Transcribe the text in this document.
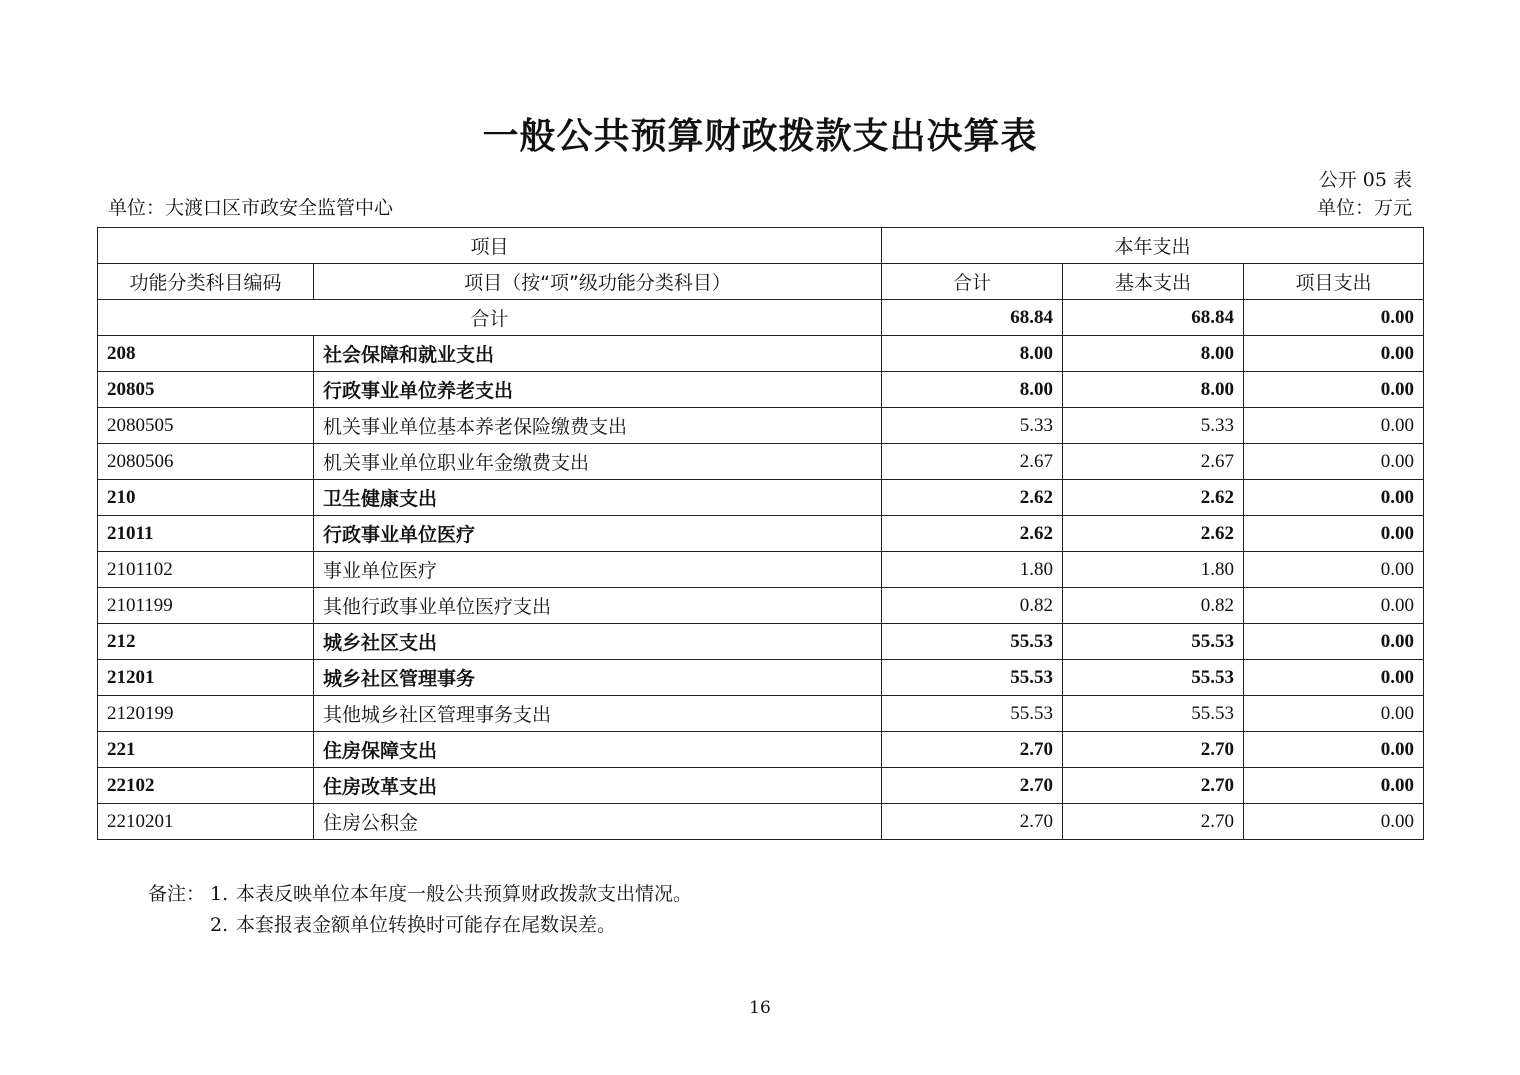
一般公共预算财政拨款支出决算表
公开 05 表
单位：大渡口区市政安全监管中心	单位：万元
项目		本年支出		
功能分类科目编码	项目（按“项”级功能分类科目）	合计	基本支出	项目支出
合计		68.84	68.84	0.00
208	社会保障和就业支出	8.00	8.00	0.00
20805	行政事业单位养老支出	8.00	8.00	0.00
2080505	机关事业单位基本养老保险缴费支出	5.33	5.33	0.00
2080506	机关事业单位职业年金缴费支出	2.67	2.67	0.00
210	卫生健康支出	2.62	2.62	0.00
21011	行政事业单位医疗	2.62	2.62	0.00
2101102	事业单位医疗	1.80	1.80	0.00
2101199	其他行政事业单位医疗支出	0.82	0.82	0.00
212	城乡社区支出	55.53	55.53	0.00
21201	城乡社区管理事务	55.53	55.53	0.00
2120199	其他城乡社区管理事务支出	55.53	55.53	0.00
221	住房保障支出	2.70	2.70	0.00
22102	住房改革支出	2.70	2.70	0.00
2210201	住房公积金	2.70	2.70	0.00
备注： 1. 本表反映单位本年度一般公共预算财政拨款支出情况。
2. 本套报表金额单位转换时可能存在尾数误差。
16
